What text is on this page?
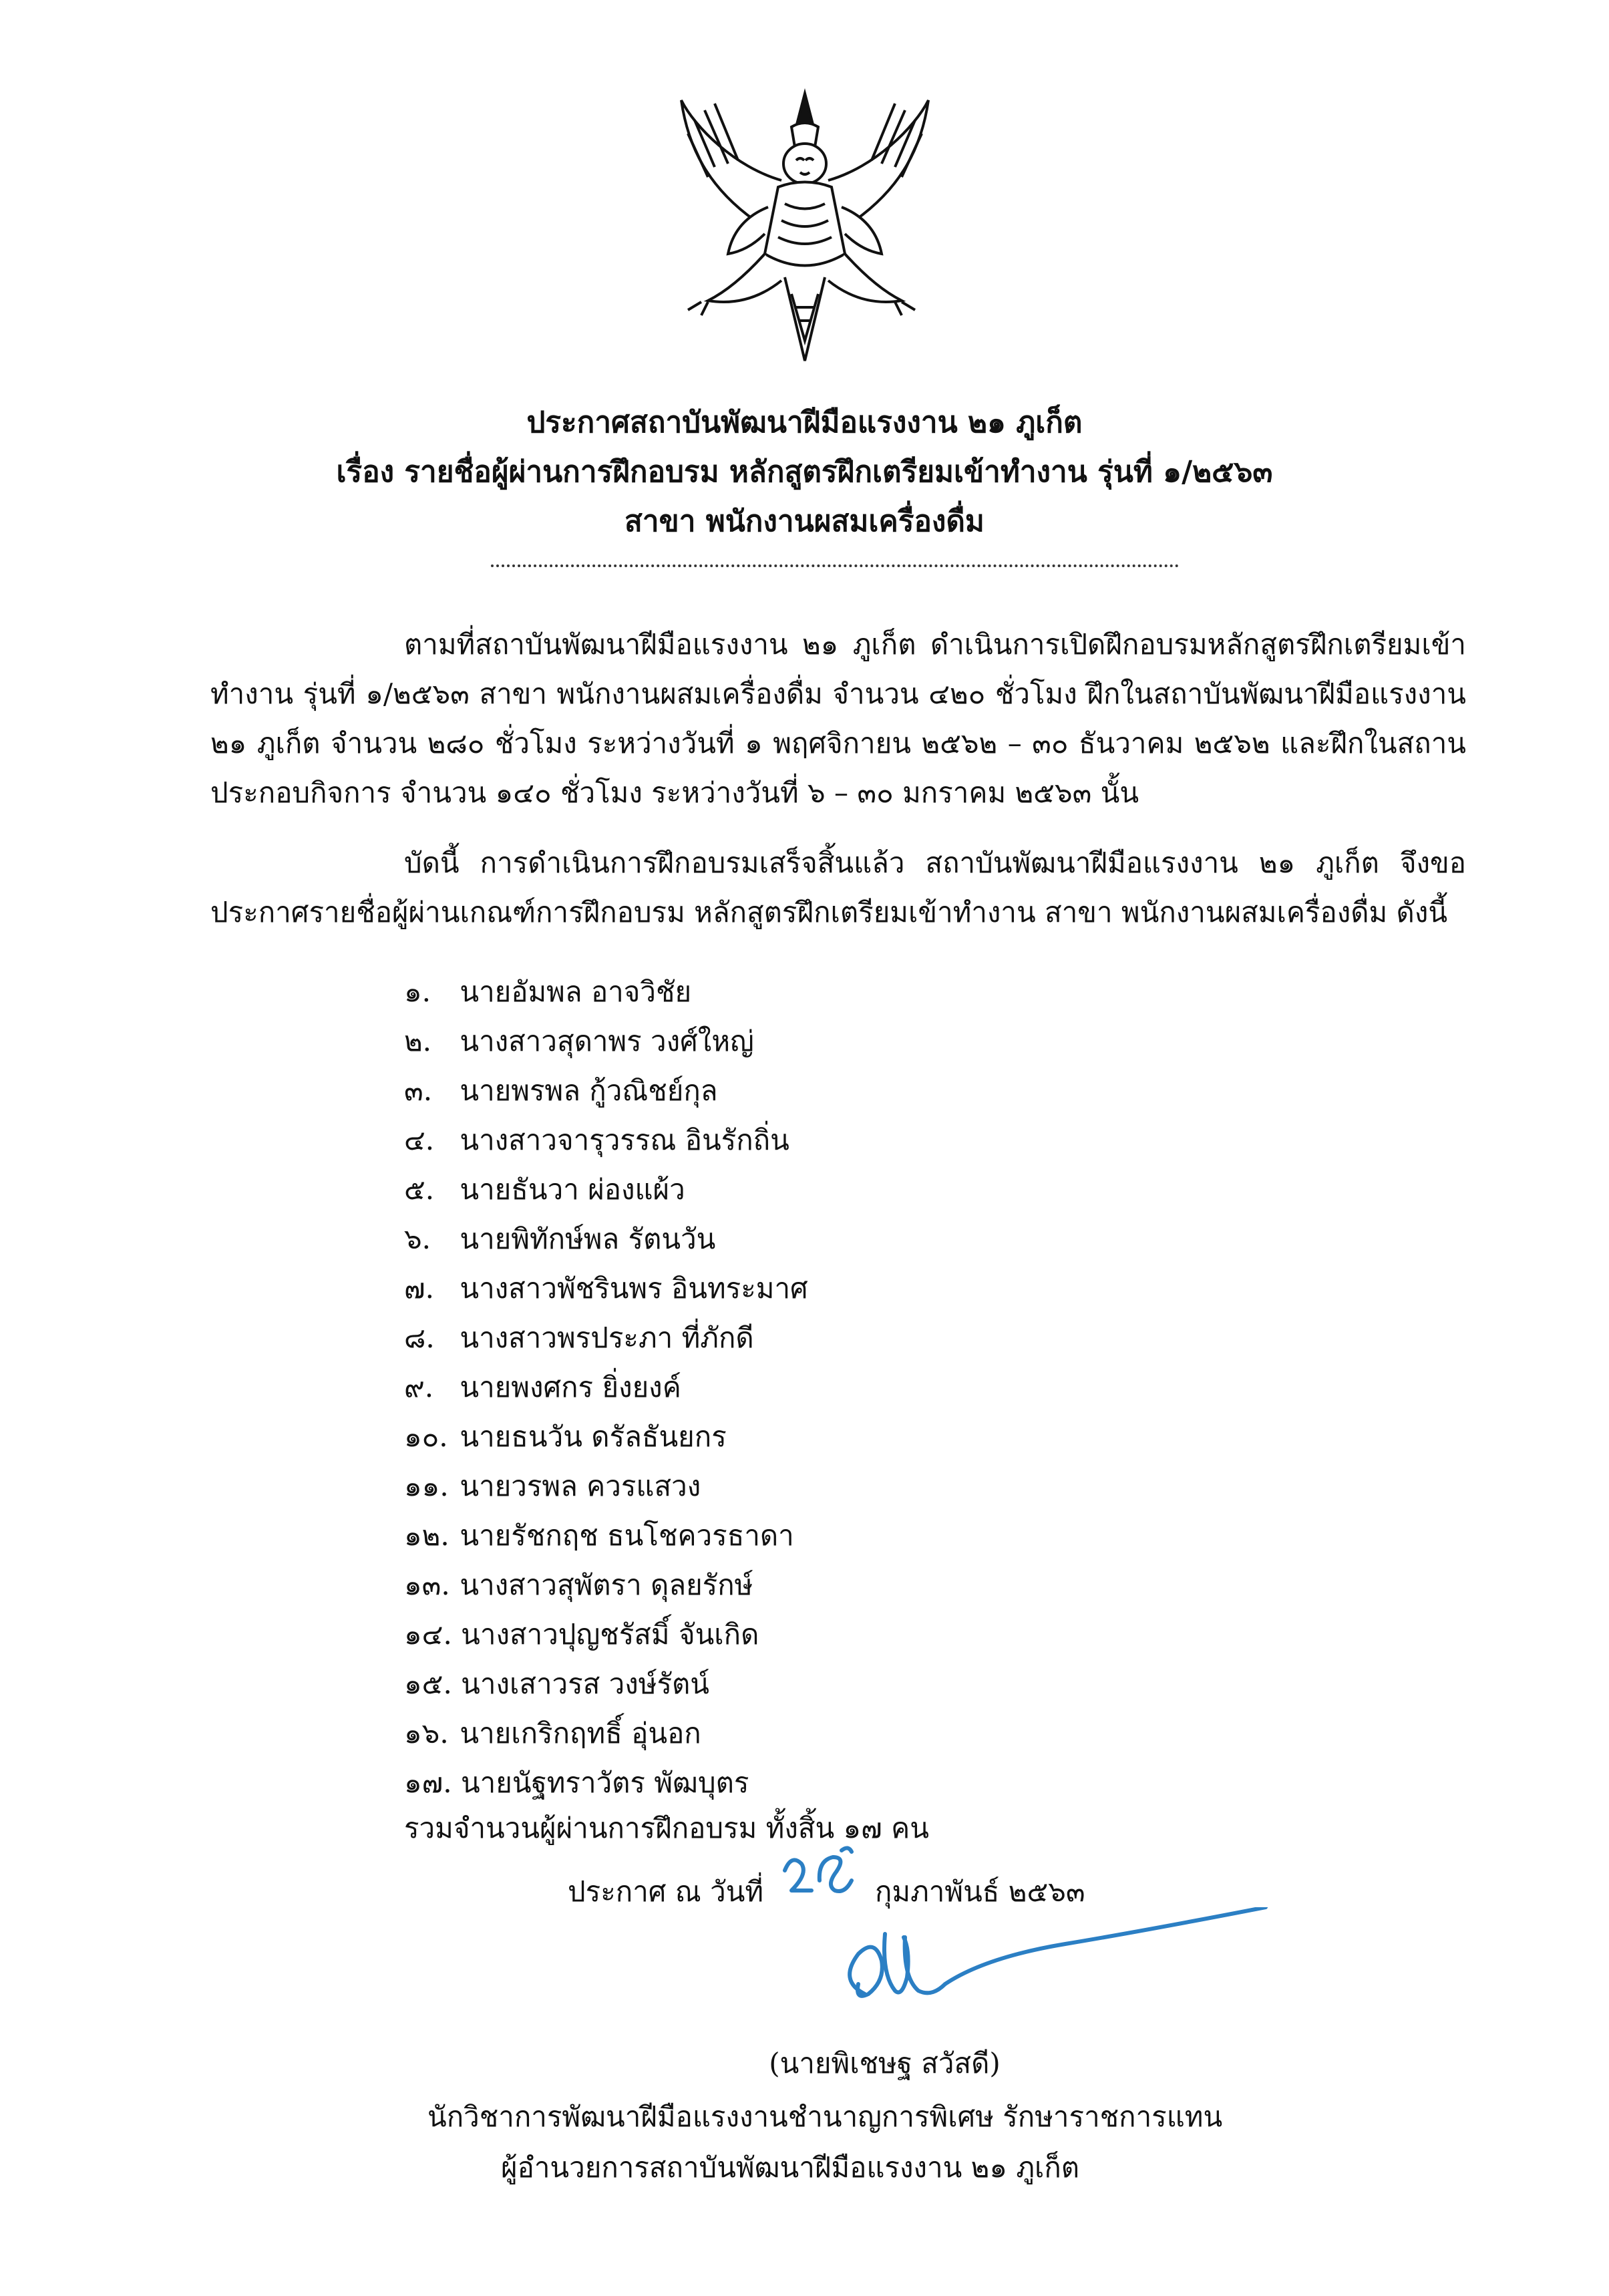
ประกาศสถาบันพัฒนาฝีมือแรงงาน ๒๑ ภูเก็ต
เรื่อง รายชื่อผู้ผ่านการฝึกอบรม หลักสูตรฝึกเตรียมเข้าทำงาน รุ่นที่ ๑/๒๕๖๓
สาขา พนักงานผสมเครื่องดื่ม
ตามที่สถาบันพัฒนาฝีมือแรงงาน ๒๑ ภูเก็ต ดำเนินการเปิดฝึกอบรมหลักสูตรฝึกเตรียมเข้าทำงาน รุ่นที่ ๑/๒๕๖๓ สาขา พนักงานผสมเครื่องดื่ม จำนวน ๔๒๐ ชั่วโมง ฝึกในสถาบันพัฒนาฝีมือแรงงาน ๒๑ ภูเก็ต จำนวน ๒๘๐ ชั่วโมง ระหว่างวันที่ ๑ พฤศจิกายน ๒๕๖๒ – ๓๐ ธันวาคม ๒๕๖๒ และฝึกในสถานประกอบกิจการ จำนวน ๑๔๐ ชั่วโมง ระหว่างวันที่ ๖ – ๓๐ มกราคม ๒๕๖๓ นั้น
บัดนี้ การดำเนินการฝึกอบรมเสร็จสิ้นแล้ว สถาบันพัฒนาฝีมือแรงงาน ๒๑ ภูเก็ต จึงขอประกาศรายชื่อผู้ผ่านเกณฑ์การฝึกอบรม หลักสูตรฝึกเตรียมเข้าทำงาน สาขา พนักงานผสมเครื่องดื่ม ดังนี้
๑. นายอัมพล อาจวิชัย
๒. นางสาวสุดาพร วงศ์ใหญ่
๓. นายพรพล กู้วณิชย์กุล
๔. นางสาวจารุวรรณ อินรักถิ่น
๕. นายธันวา ผ่องแผ้ว
๖. นายพิทักษ์พล รัตนวัน
๗. นางสาวพัชรินพร อินทระมาศ
๘. นางสาวพรประภา ที่ภักดี
๙. นายพงศกร ยิ่งยงค์
๑๐. นายธนวัน ดรัลธันยกร
๑๑. นายวรพล ควรแสวง
๑๒. นายรัชกฤช ธนโชควรธาดา
๑๓. นางสาวสุพัตรา ดุลยรักษ์
๑๔. นางสาวปุญชรัสมิ์ จันเกิด
๑๕. นางเสาวรส วงษ์รัตน์
๑๖. นายเกริกฤทธิ์ อุ่นอก
๑๗. นายนัฐทราวัตร พัฒบุตร
รวมจำนวนผู้ผ่านการฝึกอบรม ทั้งสิ้น ๑๗ คน
ประกาศ ณ วันที่	กุมภาพันธ์ ๒๕๖๓
(นายพิเชษฐ สวัสดี)
นักวิชาการพัฒนาฝีมือแรงงานชำนาญการพิเศษ รักษาราชการแทน
ผู้อำนวยการสถาบันพัฒนาฝีมือแรงงาน ๒๑ ภูเก็ต
